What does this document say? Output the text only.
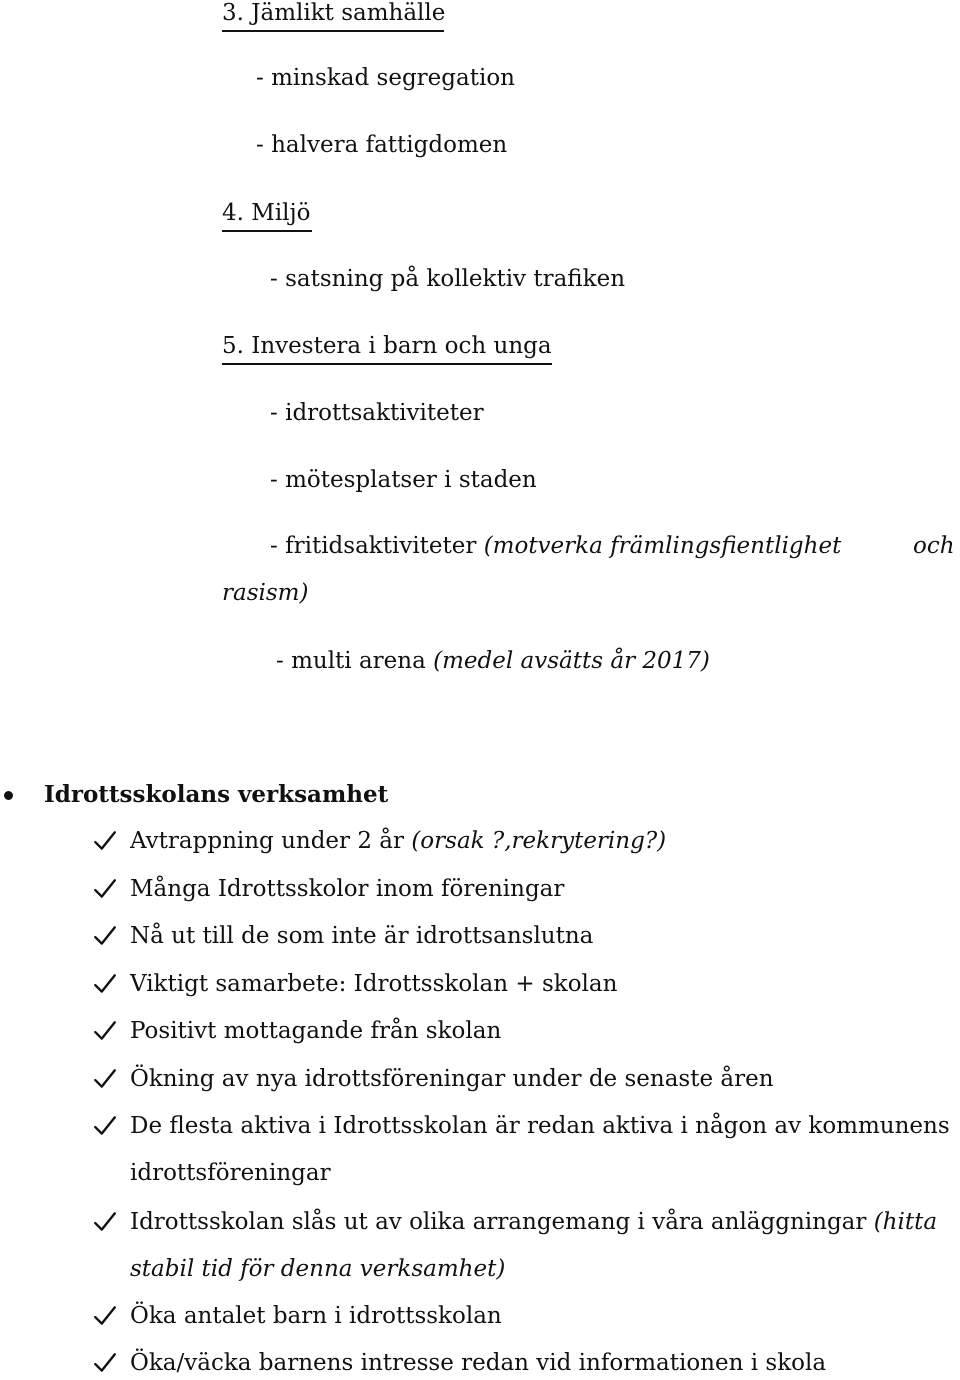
3. Jämlikt samhälle
- minskad segregation
- halvera fattigdomen
4. Miljö
- satsning på kollektiv trafiken
5. Investera i barn och unga
- idrottsaktiviteter
- mötesplatser i staden
- fritidsaktiviteter (motverka främlingsfientlighet	och
rasism)
- multi arena (medel avsätts år 2017)
Idrottsskolans verksamhet
Avtrappning under 2 år (orsak ?,rekrytering?)
Många Idrottsskolor inom föreningar
Nå ut till de som inte är idrottsanslutna
Viktigt samarbete: Idrottsskolan + skolan
Positivt mottagande från skolan
Ökning av nya idrottsföreningar under de senaste åren
De flesta aktiva i Idrottsskolan är redan aktiva i någon av kommunens
idrottsföreningar
Idrottsskolan slås ut av olika arrangemang i våra anläggningar (hitta
stabil tid för denna verksamhet)
Öka antalet barn i idrottsskolan
Öka/väcka barnens intresse redan vid informationen i skola
